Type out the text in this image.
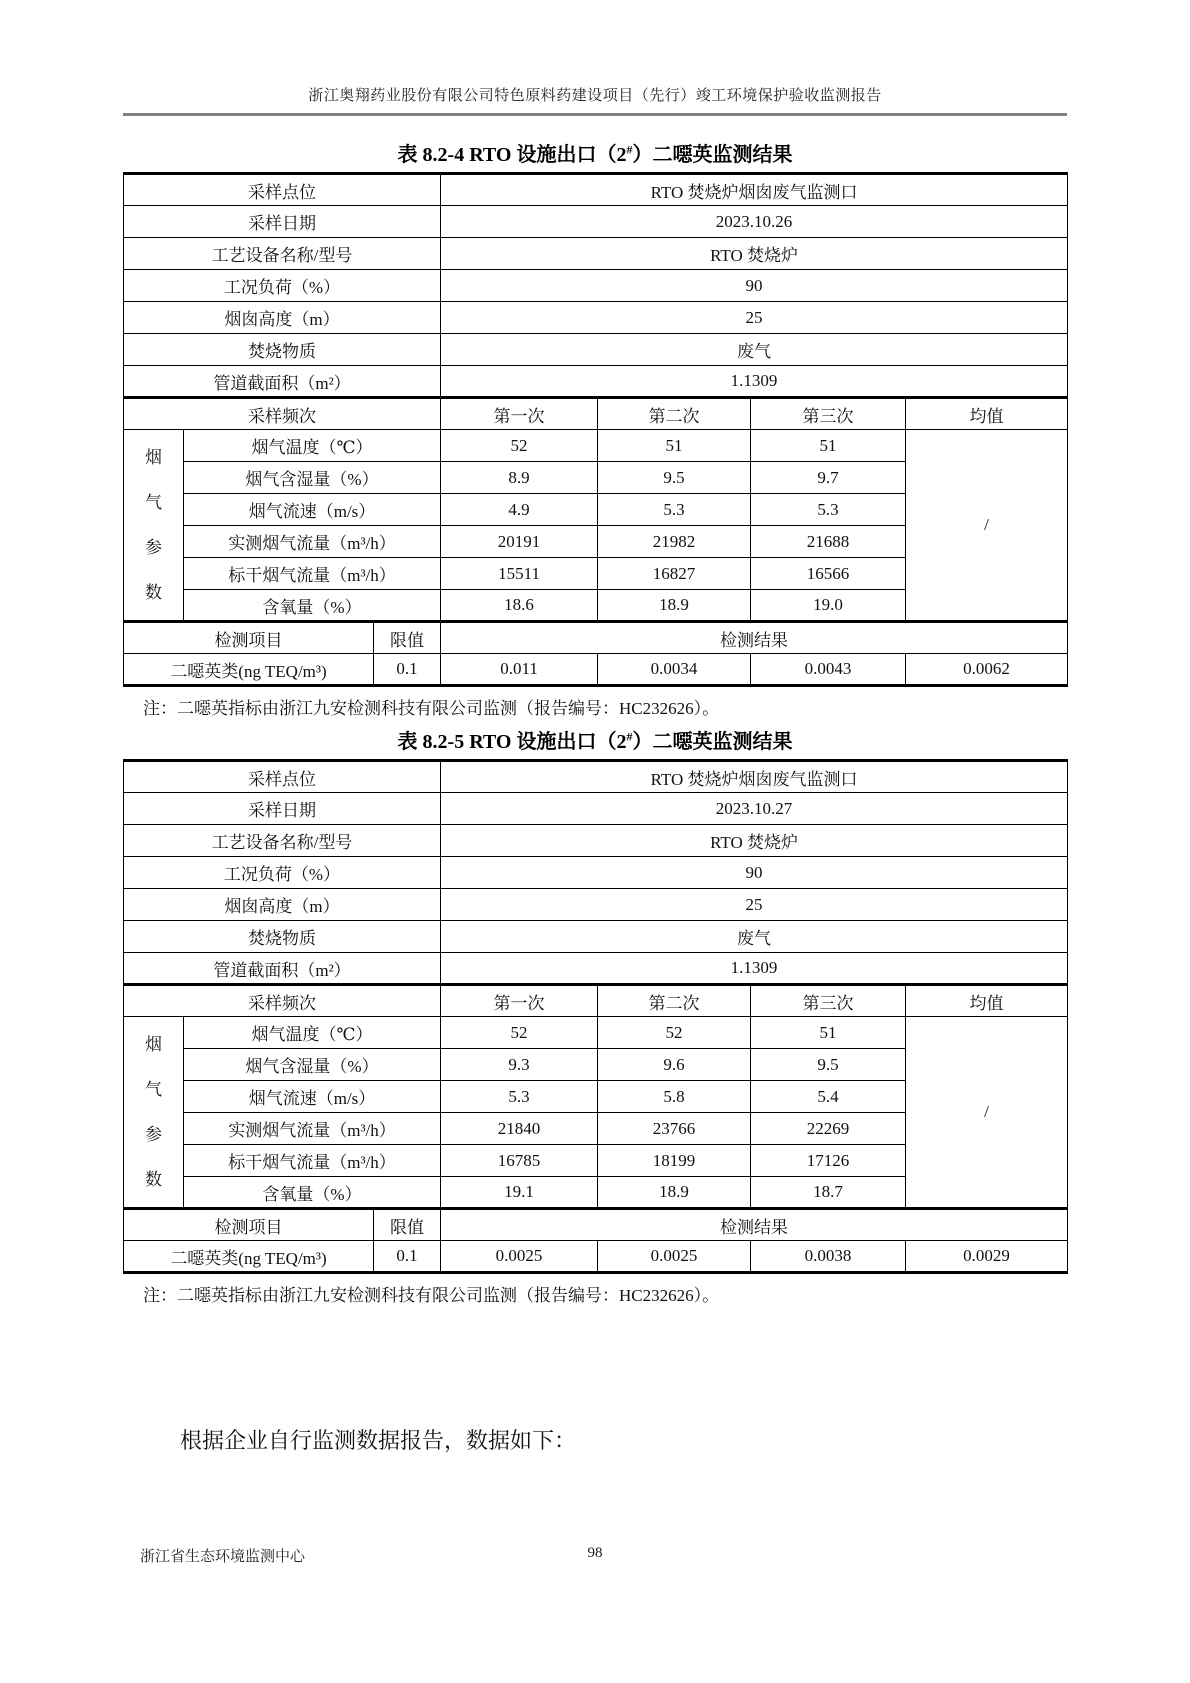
浙江奥翔药业股份有限公司特色原料药建设项目（先行）竣工环境保护验收监测报告
表 8.2-4 RTO 设施出口（2#）二噁英监测结果
采样点位			RTO 焚烧炉烟囱废气监测口			
采样日期			2023.10.26			
工艺设备名称/型号			RTO 焚烧炉			
工况负荷（%）			90			
烟囱高度（m）			25			
焚烧物质			废气			
管道截面积（m²）			1.1309			
采样频次			第一次	第二次	第三次	均值

烟气参数	烟气温度（℃）		52	51	51	/
	烟气含湿量（%）		8.9	9.5	9.7	
	烟气流速（m/s）		4.9	5.3	5.3	
	实测烟气流量（m³/h）		20191	21982	21688	
	标干烟气流量（m³/h）		15511	16827	16566	
	含氧量（%）		18.6	18.9	19.0	
检测项目		限值	检测结果			
二噁英类(ng TEQ/m³)		0.1	0.011	0.0034	0.0043	0.0062
注：二噁英指标由浙江九安检测科技有限公司监测（报告编号：HC232626）。
表 8.2-5 RTO 设施出口（2#）二噁英监测结果
采样点位			RTO 焚烧炉烟囱废气监测口			
采样日期			2023.10.27			
工艺设备名称/型号			RTO 焚烧炉			
工况负荷（%）			90			
烟囱高度（m）			25			
焚烧物质			废气			
管道截面积（m²）			1.1309			
采样频次			第一次	第二次	第三次	均值

烟气参数	烟气温度（℃）		52	52	51	/
	烟气含湿量（%）		9.3	9.6	9.5	
	烟气流速（m/s）		5.3	5.8	5.4	
	实测烟气流量（m³/h）		21840	23766	22269	
	标干烟气流量（m³/h）		16785	18199	17126	
	含氧量（%）		19.1	18.9	18.7	
检测项目		限值	检测结果			
二噁英类(ng TEQ/m³)		0.1	0.0025	0.0025	0.0038	0.0029
注：二噁英指标由浙江九安检测科技有限公司监测（报告编号：HC232626）。
根据企业自行监测数据报告，数据如下：
98
浙江省生态环境监测中心
